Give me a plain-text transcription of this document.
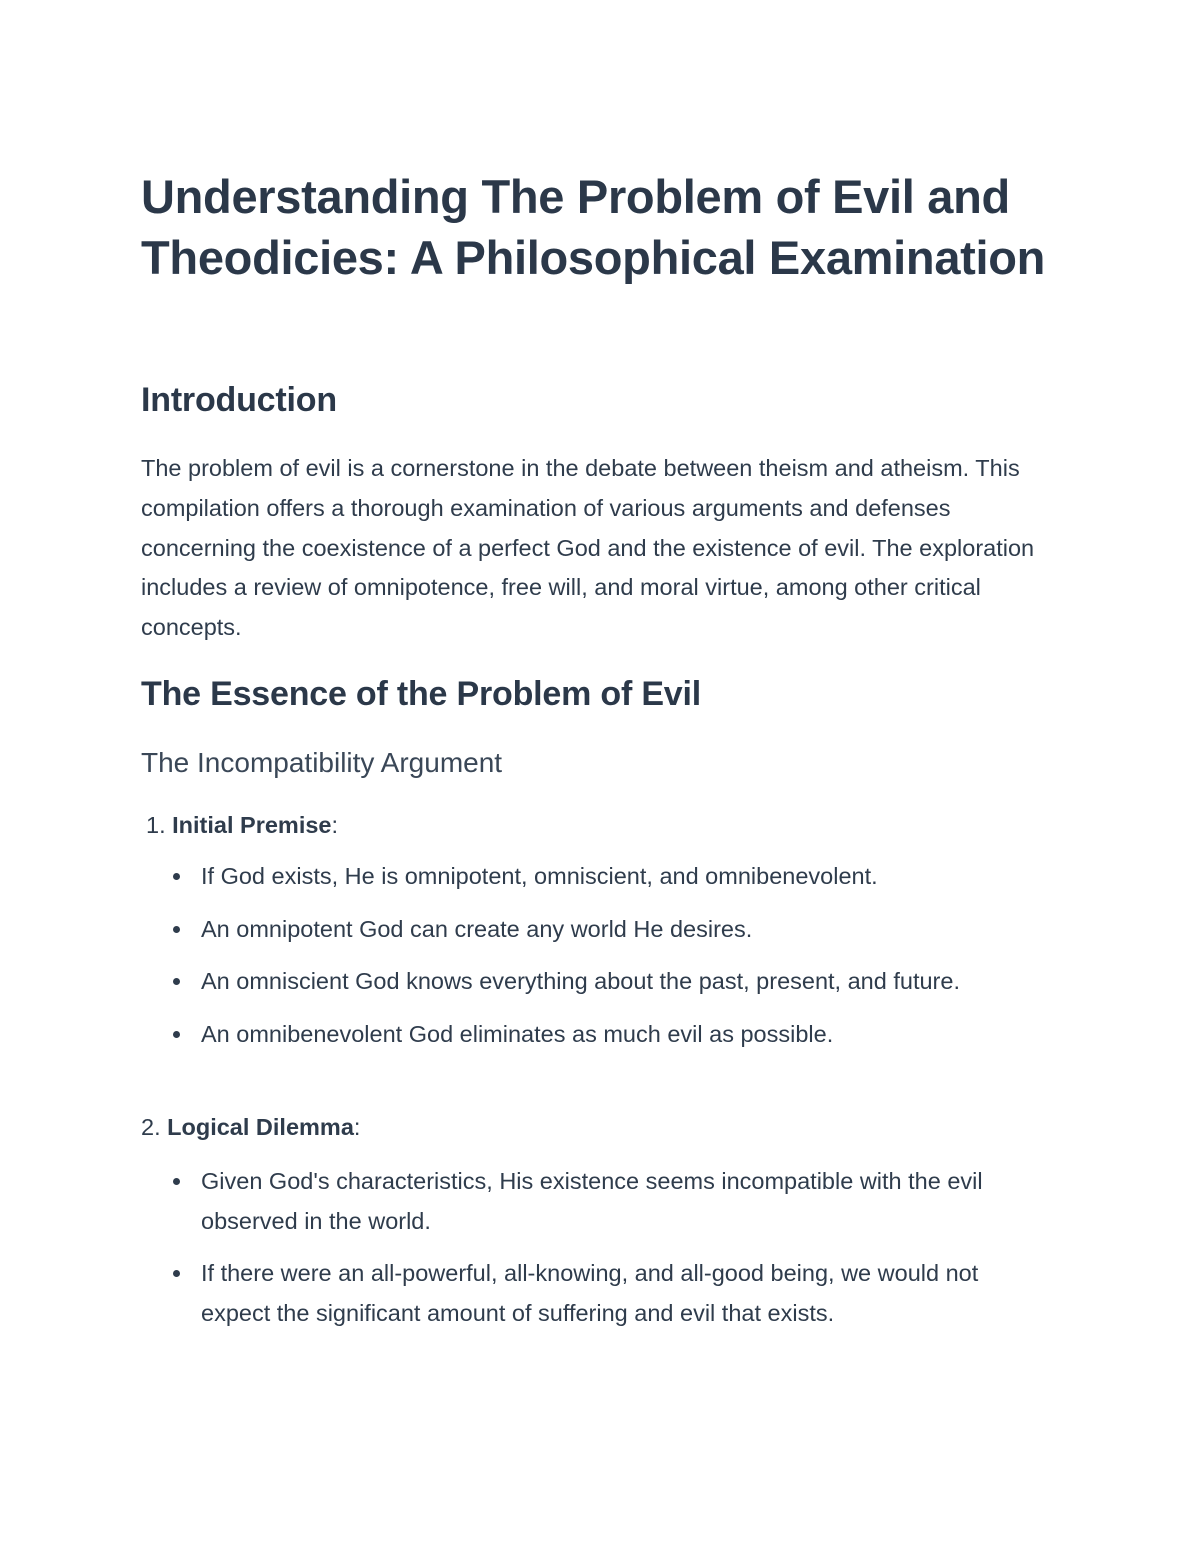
Understanding The Problem of Evil and Theodicies: A Philosophical Examination
Introduction

The problem of evil is a cornerstone in the debate between theism and atheism. This compilation offers a thorough examination of various arguments and defenses concerning the coexistence of a perfect God and the existence of evil. The exploration includes a review of omnipotence, free will, and moral virtue, among other critical concepts.

The Essence of the Problem of Evil
The Incompatibility Argument

1. Initial Premise:

If God exists, He is omnipotent, omniscient, and omnibenevolent.
An omnipotent God can create any world He desires.
An omniscient God knows everything about the past, present, and future.
An omnibenevolent God eliminates as much evil as possible.

2. Logical Dilemma:

Given God's characteristics, His existence seems incompatible with the evil observed in the world.
If there were an all-powerful, all-knowing, and all-good being, we would not expect the significant amount of suffering and evil that exists.
